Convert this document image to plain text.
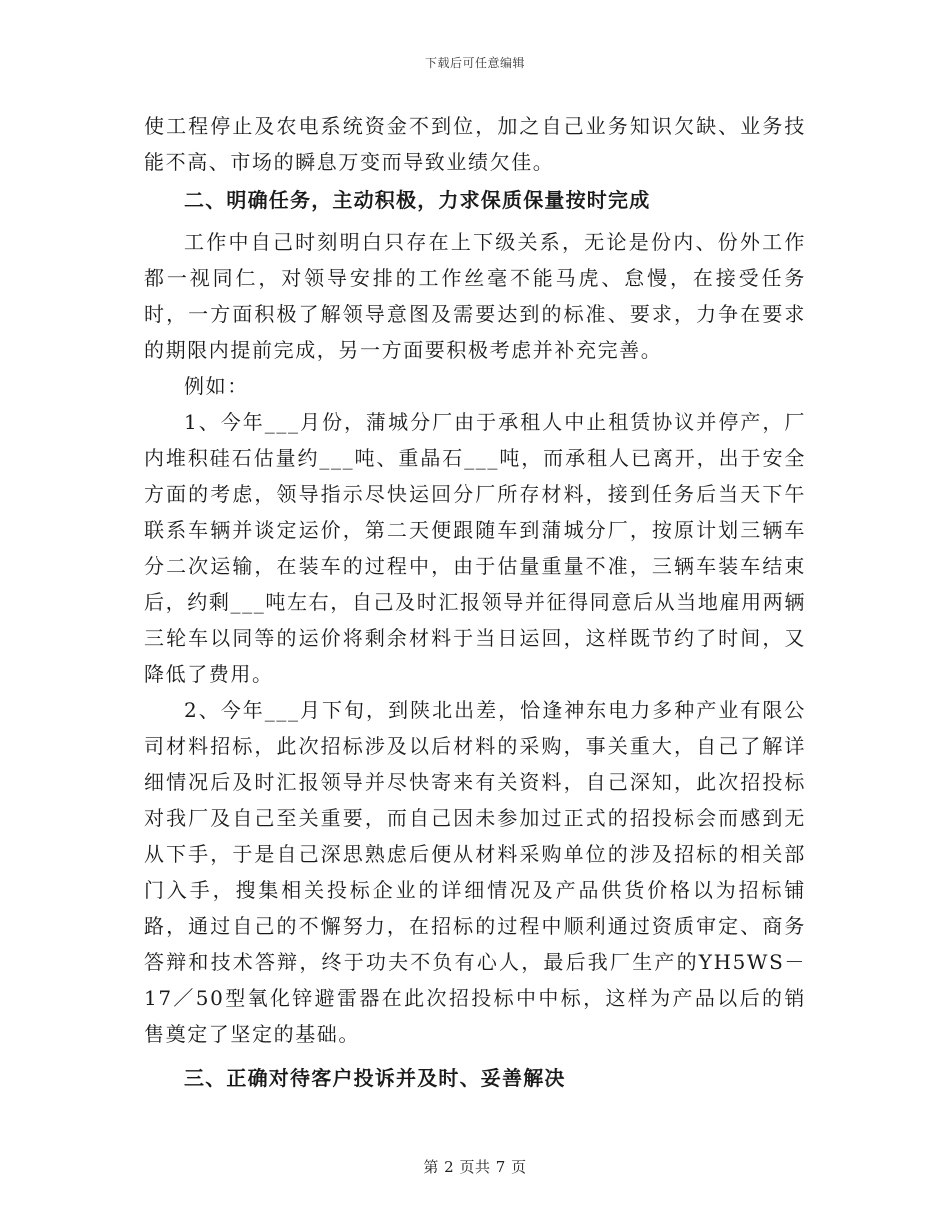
下载后可任意编辑

使工程停止及农电系统资金不到位，加之自己业务知识欠缺、业务技能不高、市场的瞬息万变而导致业绩欠佳。

二、明确任务，主动积极，力求保质保量按时完成

工作中自己时刻明白只存在上下级关系，无论是份内、份外工作都一视同仁，对领导安排的工作丝毫不能马虎、怠慢，在接受任务时，一方面积极了解领导意图及需要达到的标准、要求，力争在要求的期限内提前完成，另一方面要积极考虑并补充完善。

例如：

1、今年___月份，蒲城分厂由于承租人中止租赁协议并停产，厂内堆积硅石估量约___吨、重晶石___吨，而承租人已离开，出于安全方面的考虑，领导指示尽快运回分厂所存材料，接到任务后当天下午联系车辆并谈定运价，第二天便跟随车到蒲城分厂，按原计划三辆车分二次运输，在装车的过程中，由于估量重量不准，三辆车装车结束后，约剩___吨左右，自己及时汇报领导并征得同意后从当地雇用两辆三轮车以同等的运价将剩余材料于当日运回，这样既节约了时间，又降低了费用。

2、今年___月下旬，到陕北出差，恰逢神东电力多种产业有限公司材料招标，此次招标涉及以后材料的采购，事关重大，自己了解详细情况后及时汇报领导并尽快寄来有关资料，自己深知，此次招投标对我厂及自己至关重要，而自己因未参加过正式的招投标会而感到无从下手，于是自己深思熟虑后便从材料采购单位的涉及招标的相关部门入手，搜集相关投标企业的详细情况及产品供货价格以为招标铺路，通过自己的不懈努力，在招标的过程中顺利通过资质审定、商务答辩和技术答辩，终于功夫不负有心人，最后我厂生产的YH5WS－17／50型氧化锌避雷器在此次招投标中中标，这样为产品以后的销售奠定了坚定的基础。

三、正确对待客户投诉并及时、妥善解决

第 2 页共 7 页
